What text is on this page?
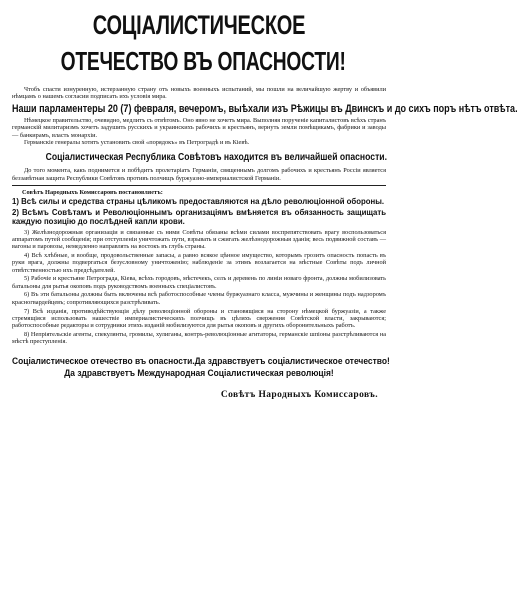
СОЦІАЛИСТИЧЕСКОЕ
ОТЕЧЕСТВО ВЪ ОПАСНОСТИ!

Чтобъ спасти изнуренную, истерзанную страну отъ новыхъ военныхъ испытаний, мы пошли на величайшую жертву и объявили нѣмцамъ о нашемъ согласии подписать ихъ условія мира.

Наши парламентеры 20 (7) февраля, вечеромъ, выѣхали изъ Рѣжицы въ Двинскъ и до сихъ поръ нѣтъ отвѣта.

Нѣмецкое правительство, очевидно, медлитъ съ отвѣтомъ. Оно явно не хочетъ мира. Выполняя порученіе капиталистовъ всѣхъ странъ германскій милитаризмъ хочетъ задушить русскихъ и украинскихъ рабочихъ и крестьянъ, вернуть земли помѣщикамъ, фабрики и заводы — банкирамъ, власть монархіи.

Германскіе генералы хотятъ установить свой «порядокъ» въ Петроградѣ и въ Кіевѣ.

Соціалистическая Республика Совѣтовъ находится въ величайшей опасности.

До того момента, какъ поднимется и побѣдитъ пролетаріатъ Германіи, священнымъ долгомъ рабочихъ и крестьянъ Россіи является беззавѣтная защита Республики Совѣтовъ противъ полчищъ буржуазно-империалистской Германіи.

Совѣтъ Народныхъ Комиссаровъ постановляетъ:
1) Всѣ силы и средства страны цѣликомъ предоставляются на дѣло революціонной обороны.
2) Всѣмъ Совѣтамъ и Революціоннымъ организаціямъ вмѣняется въ обязанность защищать каждую позицію до послѣдней капли крови.

3) Желѣзнодорожныя организаціи и связанные съ ними Совѣты обязаны всѣми силами воспрепятствовать врагу воспользоваться аппаратомъ путей сообщенія; при отступленіи уничтожать пути, взрывать и сжигать желѣзнодорожныя зданія; весь подвижной составъ — вагоны и паровозы, немедленно направлять на востокъ въ глубь страны.

4) Всѣ хлѣбные, и вообще, продовольственные запасы, а равно всякое цѣнное имущество, которымъ грозитъ опасность попасть въ руки врага, должны подвергаться безусловному уничтоженію; наблюденіе за этимъ возлагается на мѣстные Совѣты подъ личной отвѣтственностью ихъ предсѣдателей.

5) Рабочіе и крестьяне Петрограда, Кіева, всѣхъ городовъ, мѣстечекъ, селъ и деревень по линіи новаго фронта, должны мобилизовать батальоны для рытья окоповъ подъ руководствомъ военныхъ спеціалистовъ.

6) Въ эти батальоны должны быть включены всѣ работоспособные члены буржуазнаго класса, мужчины и женщины подъ надзоромъ красногвардейцевъ; сопротивляющихся разстрѣливать.

7) Всѣ изданія, противодѣйствующія дѣлу революціонной обороны и становящіяся на сторону нѣмецкой буржуазіи, а также стремящіяся использовать нашествіе империалистическихъ полчищъ въ цѣляхъ свержения Совѣтской власти, закрываются; работоспособные редакторы и сотрудники этихъ изданій мобилизуются для рытья окоповъ и другихъ оборонительныхъ работъ.

8) Непріятельскіе агенты, спекулянты, громилы, хулиганы, контръ-революціонные агитаторы, германскіе шпіоны разстрѣливаются на мѣстѣ преступленія.

Соціалистическое отечество въ опасности. Да здравствуетъ соціалистическое отечество!
Да здравствуетъ Международная Соціалистическая революція!
Совѣтъ Народныхъ Комиссаровъ.
